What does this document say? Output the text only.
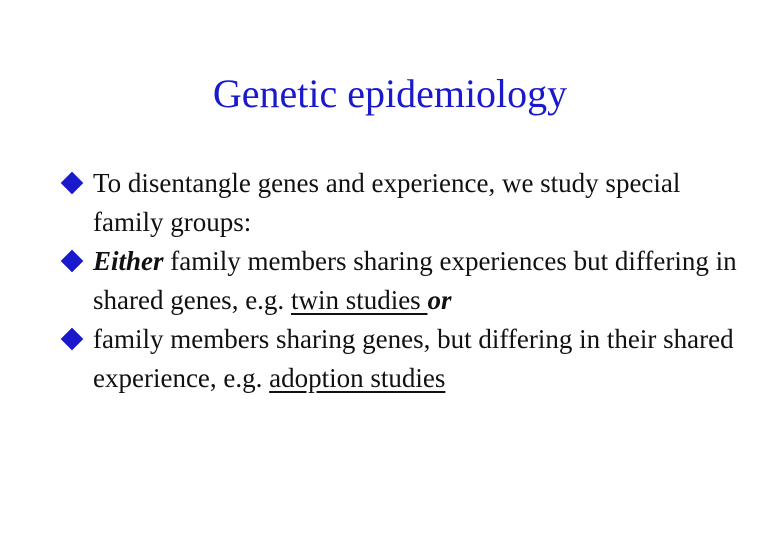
Genetic epidemiology
To disentangle genes and experience, we study special family groups:
Either family members sharing experiences but differing in shared genes, e.g. twin studies or
family members sharing genes, but differing in their shared experience, e.g. adoption studies
